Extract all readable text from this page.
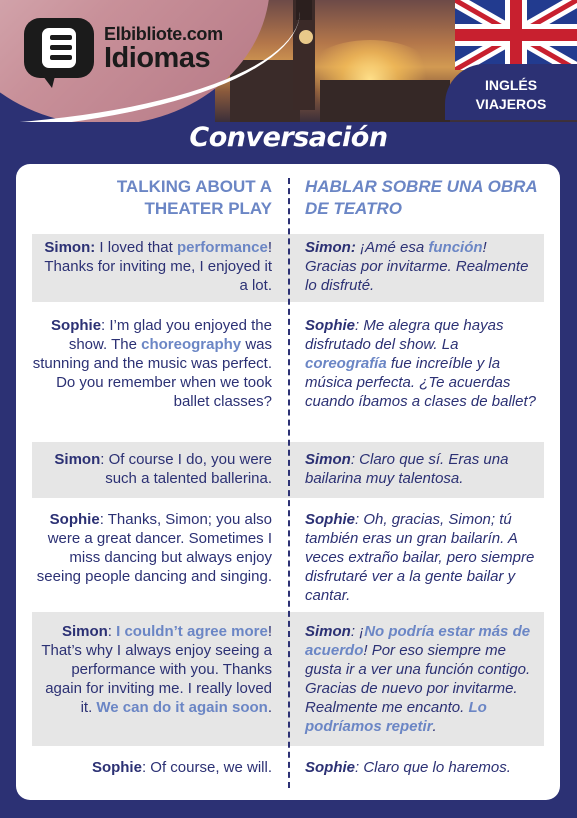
INGLÉS
VIAJEROS
Elbibliote.com
Idiomas
Conversación
TALKING ABOUT A THEATER PLAY
HABLAR SOBRE UNA OBRA DE TEATRO
Simon: I loved that performance! Thanks for inviting me, I enjoyed it a lot.
Simon: ¡Amé esa función! Gracias por invitarme. Realmente lo disfruté.
Sophie: I’m glad you enjoyed the show. The choreography was stunning and the music was perfect. Do you remember when we took ballet classes?
Sophie: Me alegra que hayas disfrutado del show. La coreografía fue increíble y la música perfecta. ¿Te acuerdas cuando íbamos a clases de ballet?
Simon: Of course I do, you were such a talented ballerina.
Simon: Claro que sí. Eras una bailarina muy talentosa.
Sophie: Thanks, Simon; you also were a great dancer. Sometimes I miss dancing but always enjoy seeing people dancing and singing.
Sophie: Oh, gracias, Simon; tú también eras un gran bailarín. A veces extraño bailar, pero siempre disfrutaré ver a la gente bailar y cantar.
Simon: I couldn’t agree more! That’s why I always enjoy seeing a performance with you. Thanks again for inviting me. I really loved it. We can do it again soon.
Simon: ¡No podría estar más de acuerdo! Por eso siempre me gusta ir a ver una función contigo. Gracias de nuevo por invitarme. Realmente me encanto. Lo podríamos repetir.
Sophie: Of course, we will. Sophie: Claro que lo haremos.
